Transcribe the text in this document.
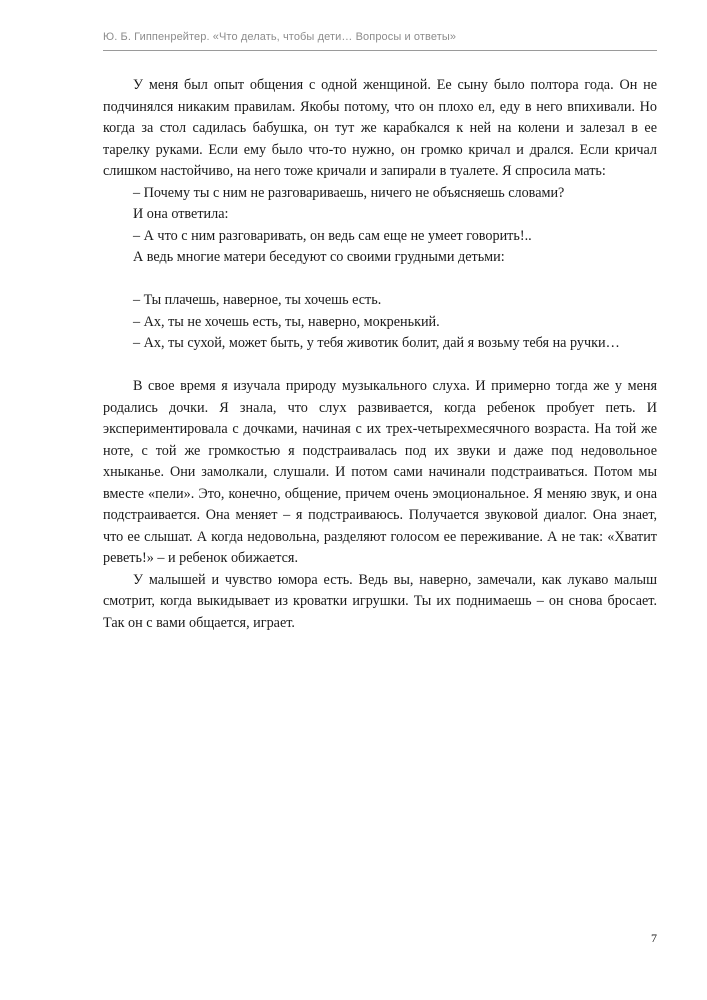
Ю. Б. Гиппенрейтер. «Что делать, чтобы дети… Вопросы и ответы»

У меня был опыт общения с одной женщиной. Ее сыну было полтора года. Он не подчинялся никаким правилам. Якобы потому, что он плохо ел, еду в него впихивали. Но когда за стол садилась бабушка, он тут же карабкался к ней на колени и залезал в ее тарелку руками. Если ему было что-то нужно, он громко кричал и дрался. Если кричал слишком настойчиво, на него тоже кричали и запирали в туалете. Я спросила мать:

– Почему ты с ним не разговариваешь, ничего не объясняешь словами?

И она ответила:

– А что с ним разговаривать, он ведь сам еще не умеет говорить!..

А ведь многие матери беседуют со своими грудными детьми:

– Ты плачешь, наверное, ты хочешь есть.

– Ах, ты не хочешь есть, ты, наверно, мокренький.

– Ах, ты сухой, может быть, у тебя животик болит, дай я возьму тебя на ручки…

В свое время я изучала природу музыкального слуха. И примерно тогда же у меня родались дочки. Я знала, что слух развивается, когда ребенок пробует петь. И экспериментировала с дочками, начиная с их трех-четырехмесячного возраста. На той же ноте, с той же громкостью я подстраивалась под их звуки и даже под недовольное хныканье. Они замолкали, слушали. И потом сами начинали подстраиваться. Потом мы вместе «пели». Это, конечно, общение, причем очень эмоциональное. Я меняю звук, и она подстраивается. Она меняет – я подстраиваюсь. Получается звуковой диалог. Она знает, что ее слышат. А когда недовольна, разделяют голосом ее переживание. А не так: «Хватит реветь!» – и ребенок обижается.

У малышей и чувство юмора есть. Ведь вы, наверно, замечали, как лукаво малыш смотрит, когда выкидывает из кроватки игрушки. Ты их поднимаешь – он снова бросает. Так он с вами общается, играет.

7
